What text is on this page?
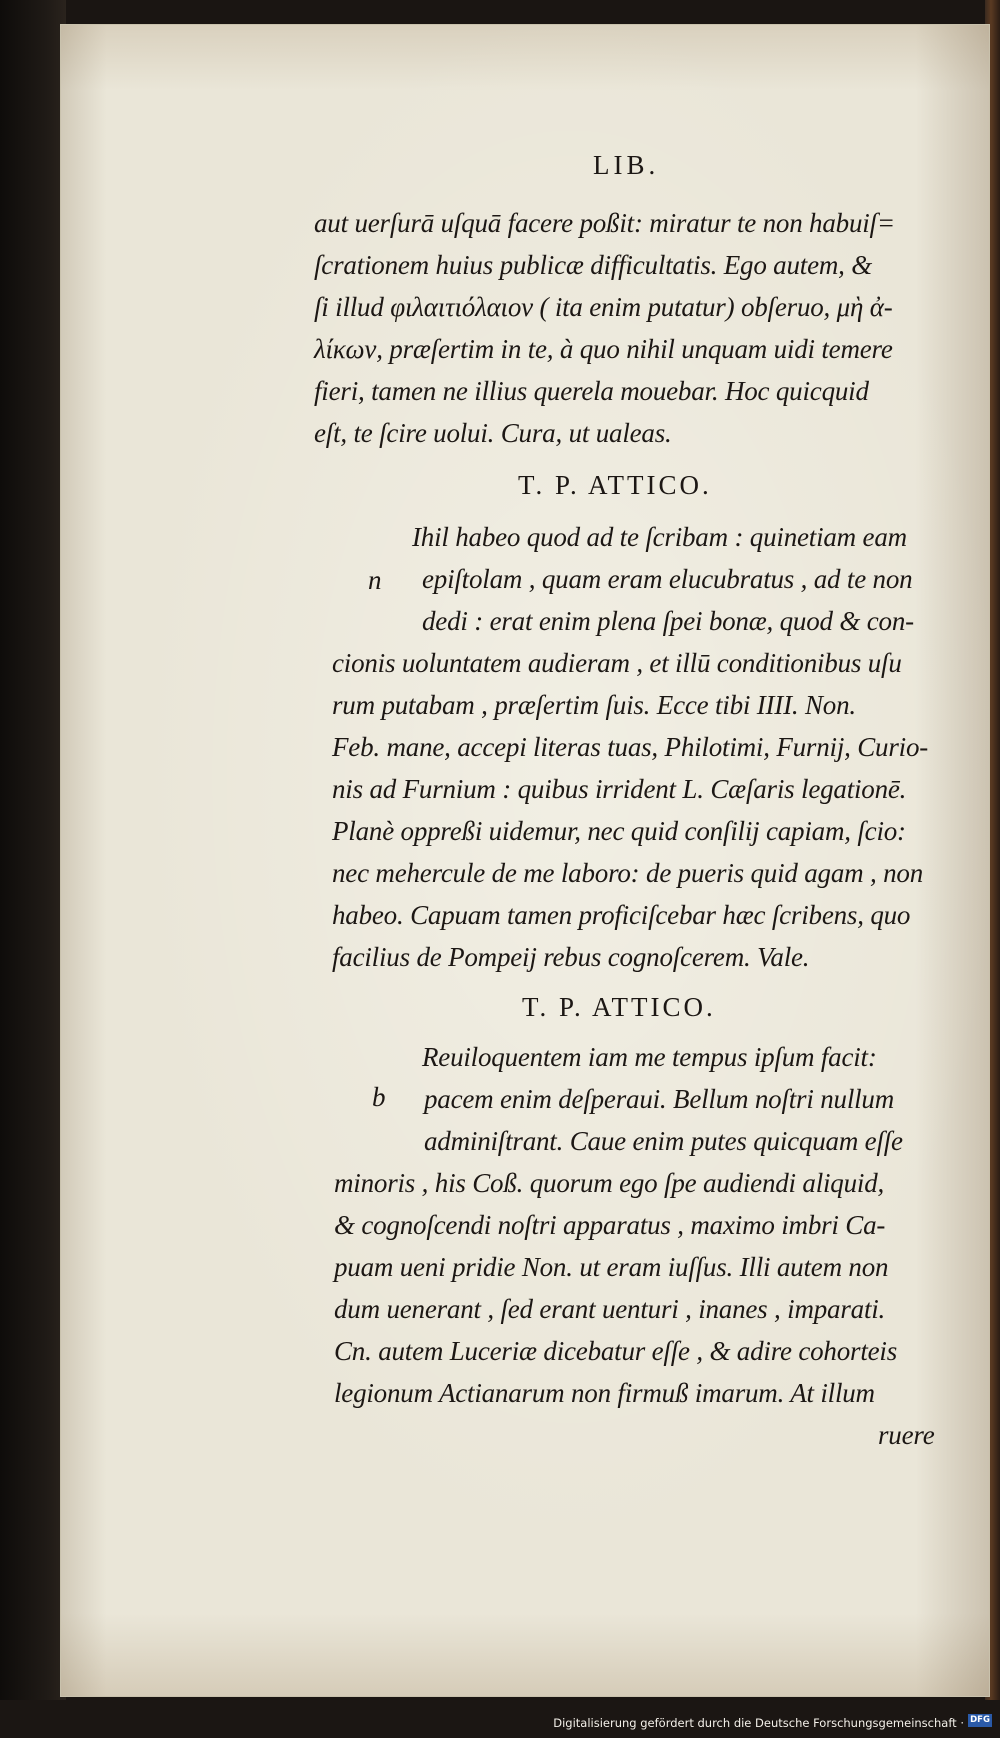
LIB.
aut uerſurā uſquā facere poßit: miratur te non habuiſ=
ſcrationem huius publicæ difficultatis. Ego autem, &
ſi illud φιλαιτιόλαιον ( ita enim putatur) obſeruo, μὴ ἀ-
λίκων, præſertim in te, à quo nihil unquam uidi temere
fieri, tamen ne illius querela mouebar. Hoc quicquid
eſt, te ſcire uolui. Cura, ut ualeas.
T. P. ATTICO.
n
Ihil habeo quod ad te ſcribam : quinetiam eam
epiſtolam , quam eram elucubratus , ad te non
dedi : erat enim plena ſpei bonæ, quod & con-
cionis uoluntatem audieram , et illū conditionibus uſu
rum putabam , præſertim ſuis. Ecce tibi IIII. Non.
Feb. mane, accepi literas tuas, Philotimi, Furnij, Curio-
nis ad Furnium : quibus irrident L. Cæſaris legationē.
Planè oppreßi uidemur, nec quid conſilij capiam, ſcio:
nec mehercule de me laboro: de pueris quid agam , non
habeo. Capuam tamen proficiſcebar hæc ſcribens, quo
facilius de Pompeij rebus cognoſcerem. Vale.
T. P. ATTICO.
b
Reuiloquentem iam me tempus ipſum facit:
pacem enim deſperaui. Bellum noſtri nullum
adminiſtrant. Caue enim putes quicquam eſſe
minoris , his Coß. quorum ego ſpe audiendi aliquid,
& cognoſcendi noſtri apparatus , maximo imbri Ca-
puam ueni pridie Non. ut eram iuſſus. Illi autem non
dum uenerant , ſed erant uenturi , inanes , imparati.
Cn. autem Luceriæ dicebatur eſſe , & adire cohorteis
legionum Actianarum non firmuß imarum. At illum
ruere
Digitalisierung gefördert durch die Deutsche Forschungsgemeinschaft · DFG
